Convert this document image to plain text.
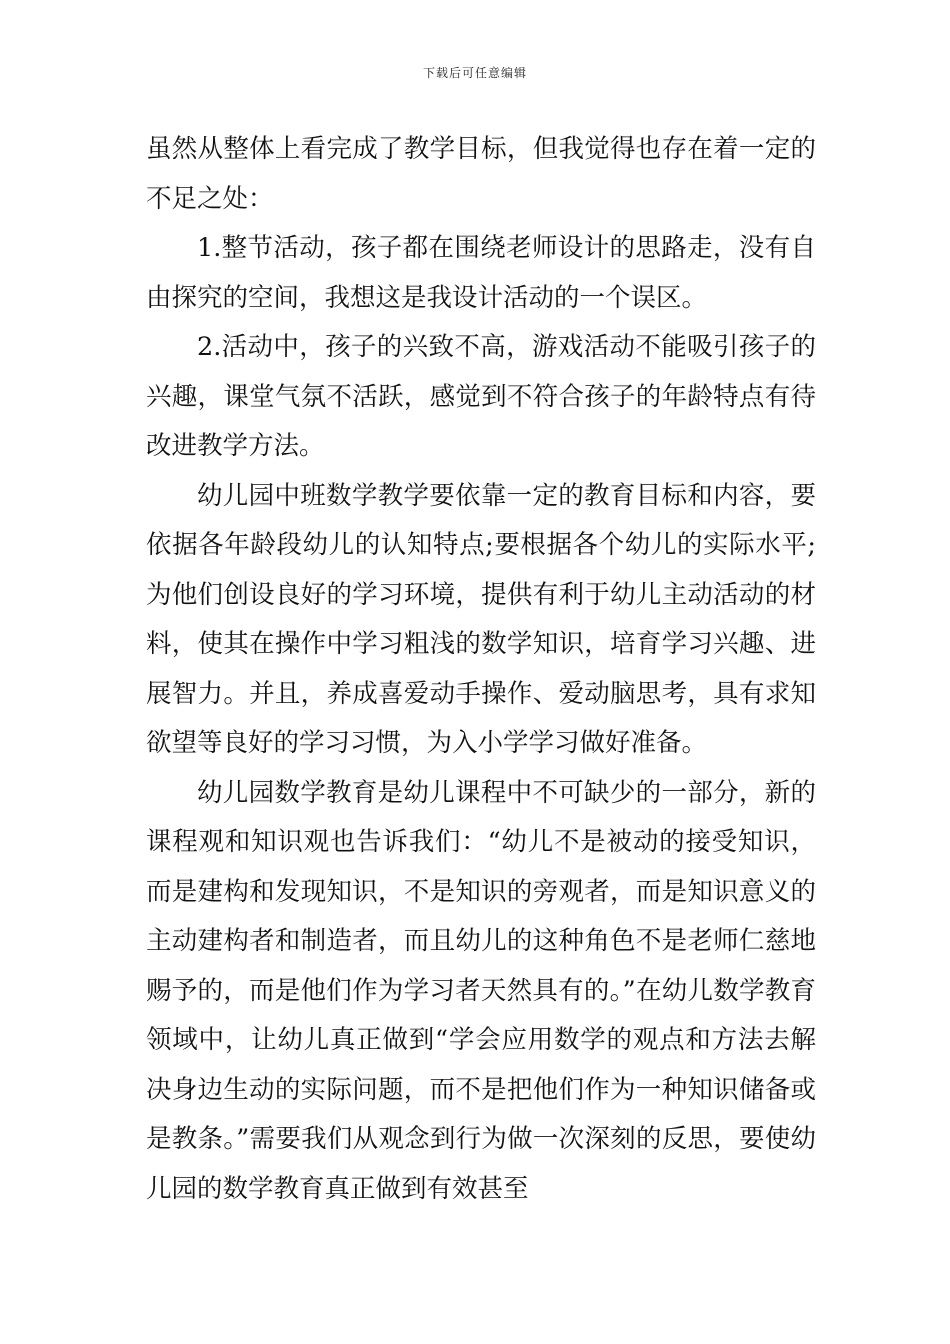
下载后可任意编辑

虽然从整体上看完成了教学目标，但我觉得也存在着一定的不足之处：

1.整节活动，孩子都在围绕老师设计的思路走，没有自由探究的空间，我想这是我设计活动的一个误区。

2.活动中，孩子的兴致不高，游戏活动不能吸引孩子的兴趣，课堂气氛不活跃，感觉到不符合孩子的年龄特点有待改进教学方法。

幼儿园中班数学教学要依靠一定的教育目标和内容，要依据各年龄段幼儿的认知特点;要根据各个幼儿的实际水平;为他们创设良好的学习环境，提供有利于幼儿主动活动的材料，使其在操作中学习粗浅的数学知识，培育学习兴趣、进展智力。并且，养成喜爱动手操作、爱动脑思考，具有求知欲望等良好的学习习惯，为入小学学习做好准备。

幼儿园数学教育是幼儿课程中不可缺少的一部分，新的课程观和知识观也告诉我们：“幼儿不是被动的接受知识，而是建构和发现知识，不是知识的旁观者，而是知识意义的主动建构者和制造者，而且幼儿的这种角色不是老师仁慈地赐予的，而是他们作为学习者天然具有的。”在幼儿数学教育领域中，让幼儿真正做到“学会应用数学的观点和方法去解决身边生动的实际问题，而不是把他们作为一种知识储备或是教条。”需要我们从观念到行为做一次深刻的反思，要使幼儿园的数学教育真正做到有效甚至
